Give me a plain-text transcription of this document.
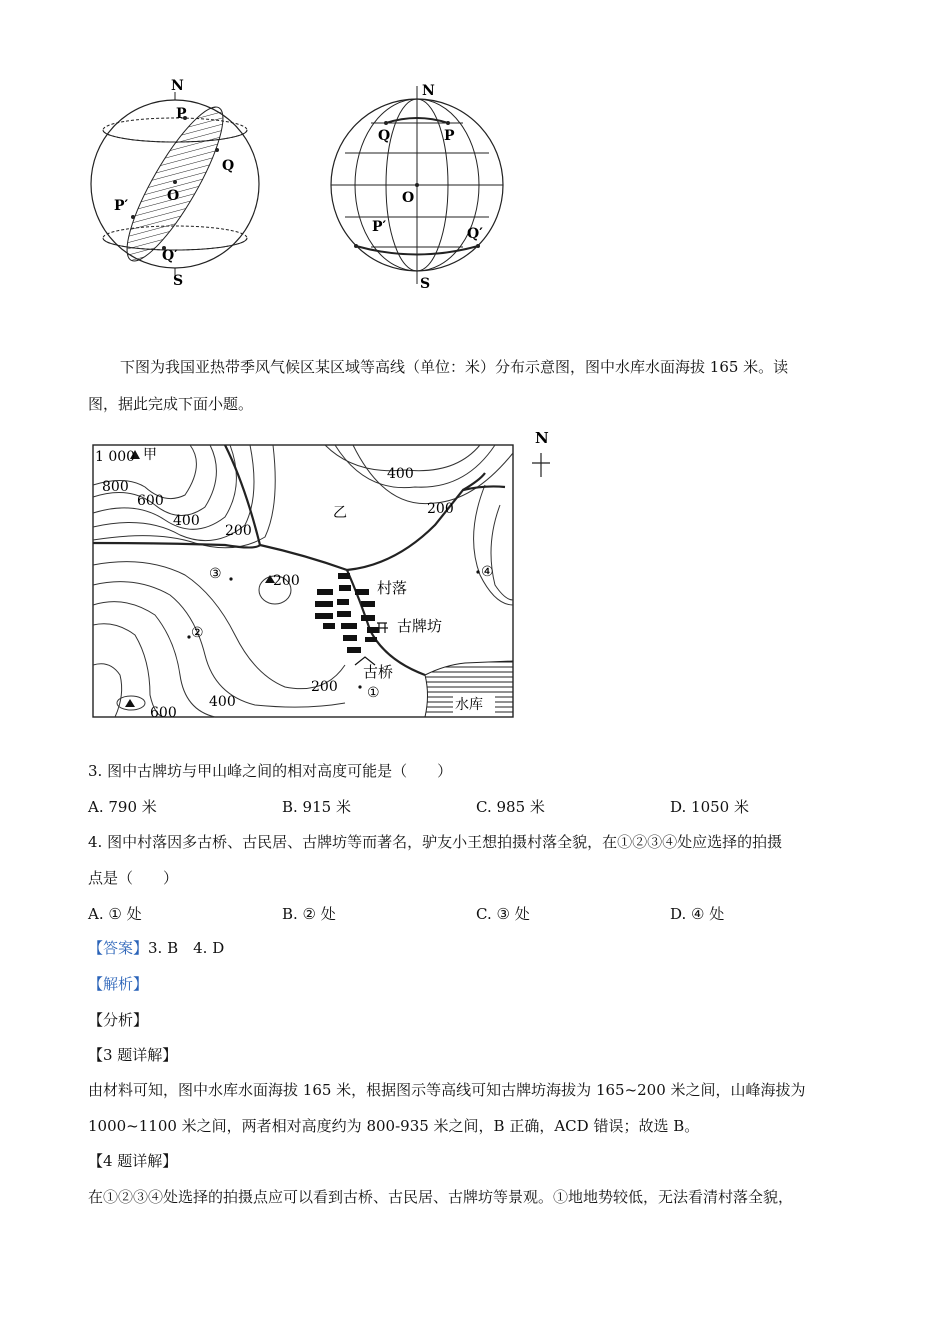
N
S
P
Q
O
P′
Q′
N
S
Q	P
O
P′	Q′
下图为我国亚热带季风气候区某区域等高线（单位：米）分布示意图，图中水库水面海拔 165 米。读
图，据此完成下面小题。
N
1 000 甲
800
600
400
200
400
200
乙
③
②
④
①
200	村落
古牌坊
古桥
200
400
600	水库
3. 图中古牌坊与甲山峰之间的相对高度可能是（　　）
A. 790 米	B. 915 米	C. 985 米	D. 1050 米
4. 图中村落因多古桥、古民居、古牌坊等而著名，驴友小王想拍摄村落全貌，在①②③④处应选择的拍摄
点是（　　）
A. ① 处	B. ② 处	C. ③ 处	D. ④ 处
【答案】3. B　4. D
【解析】
【分析】
【3 题详解】
由材料可知，图中水库水面海拔 165 米，根据图示等高线可知古牌坊海拔为 165~200 米之间，山峰海拔为
1000~1100 米之间，两者相对高度约为 800-935 米之间，B 正确，ACD 错误；故选 B。
【4 题详解】
在①②③④处选择的拍摄点应可以看到古桥、古民居、古牌坊等景观。①地地势较低，无法看清村落全貌，
